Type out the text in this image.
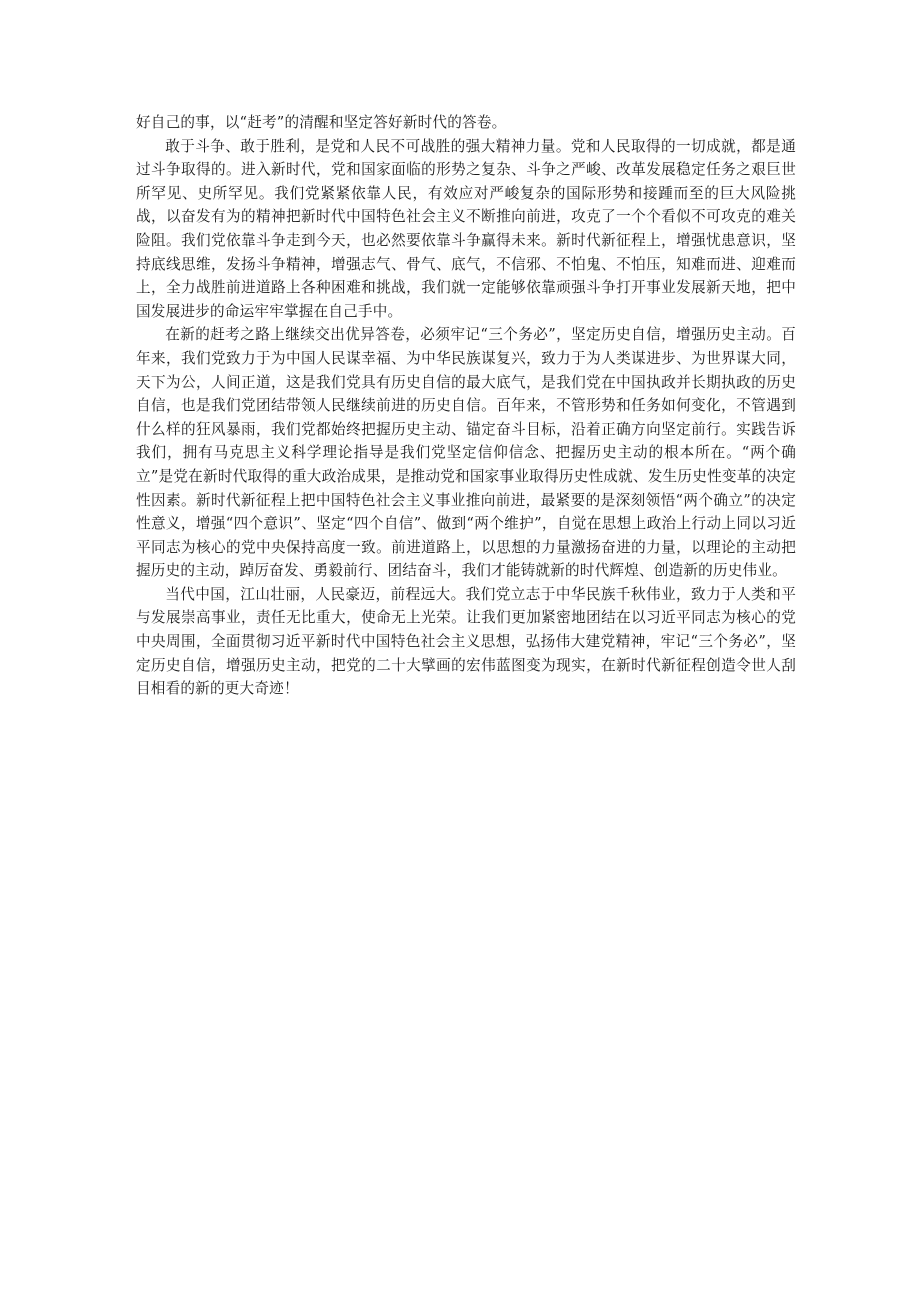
好自己的事，以“赶考”的清醒和坚定答好新时代的答卷。

敢于斗争、敢于胜利，是党和人民不可战胜的强大精神力量。党和人民取得的一切成就，都是通过斗争取得的。进入新时代，党和国家面临的形势之复杂、斗争之严峻、改革发展稳定任务之艰巨世所罕见、史所罕见。我们党紧紧依靠人民，有效应对严峻复杂的国际形势和接踵而至的巨大风险挑战，以奋发有为的精神把新时代中国特色社会主义不断推向前进，攻克了一个个看似不可攻克的难关险阻。我们党依靠斗争走到今天，也必然要依靠斗争赢得未来。新时代新征程上，增强忧患意识，坚持底线思维，发扬斗争精神，增强志气、骨气、底气，不信邪、不怕鬼、不怕压，知难而进、迎难而上，全力战胜前进道路上各种困难和挑战，我们就一定能够依靠顽强斗争打开事业发展新天地，把中国发展进步的命运牢牢掌握在自己手中。

在新的赶考之路上继续交出优异答卷，必须牢记“三个务必”，坚定历史自信，增强历史主动。百年来，我们党致力于为中国人民谋幸福、为中华民族谋复兴，致力于为人类谋进步、为世界谋大同，天下为公，人间正道，这是我们党具有历史自信的最大底气，是我们党在中国执政并长期执政的历史自信，也是我们党团结带领人民继续前进的历史自信。百年来，不管形势和任务如何变化，不管遇到什么样的狂风暴雨，我们党都始终把握历史主动、锚定奋斗目标，沿着正确方向坚定前行。实践告诉我们，拥有马克思主义科学理论指导是我们党坚定信仰信念、把握历史主动的根本所在。“两个确立”是党在新时代取得的重大政治成果，是推动党和国家事业取得历史性成就、发生历史性变革的决定性因素。新时代新征程上把中国特色社会主义事业推向前进，最紧要的是深刻领悟“两个确立”的决定性意义，增强“四个意识”、坚定“四个自信”、做到“两个维护”，自觉在思想上政治上行动上同以习近平同志为核心的党中央保持高度一致。前进道路上，以思想的力量激扬奋进的力量，以理论的主动把握历史的主动，踔厉奋发、勇毅前行、团结奋斗，我们才能铸就新的时代辉煌、创造新的历史伟业。

当代中国，江山壮丽，人民豪迈，前程远大。我们党立志于中华民族千秋伟业，致力于人类和平与发展崇高事业，责任无比重大，使命无上光荣。让我们更加紧密地团结在以习近平同志为核心的党中央周围，全面贯彻习近平新时代中国特色社会主义思想，弘扬伟大建党精神，牢记“三个务必”，坚定历史自信，增强历史主动，把党的二十大擘画的宏伟蓝图变为现实，在新时代新征程创造令世人刮目相看的新的更大奇迹！
